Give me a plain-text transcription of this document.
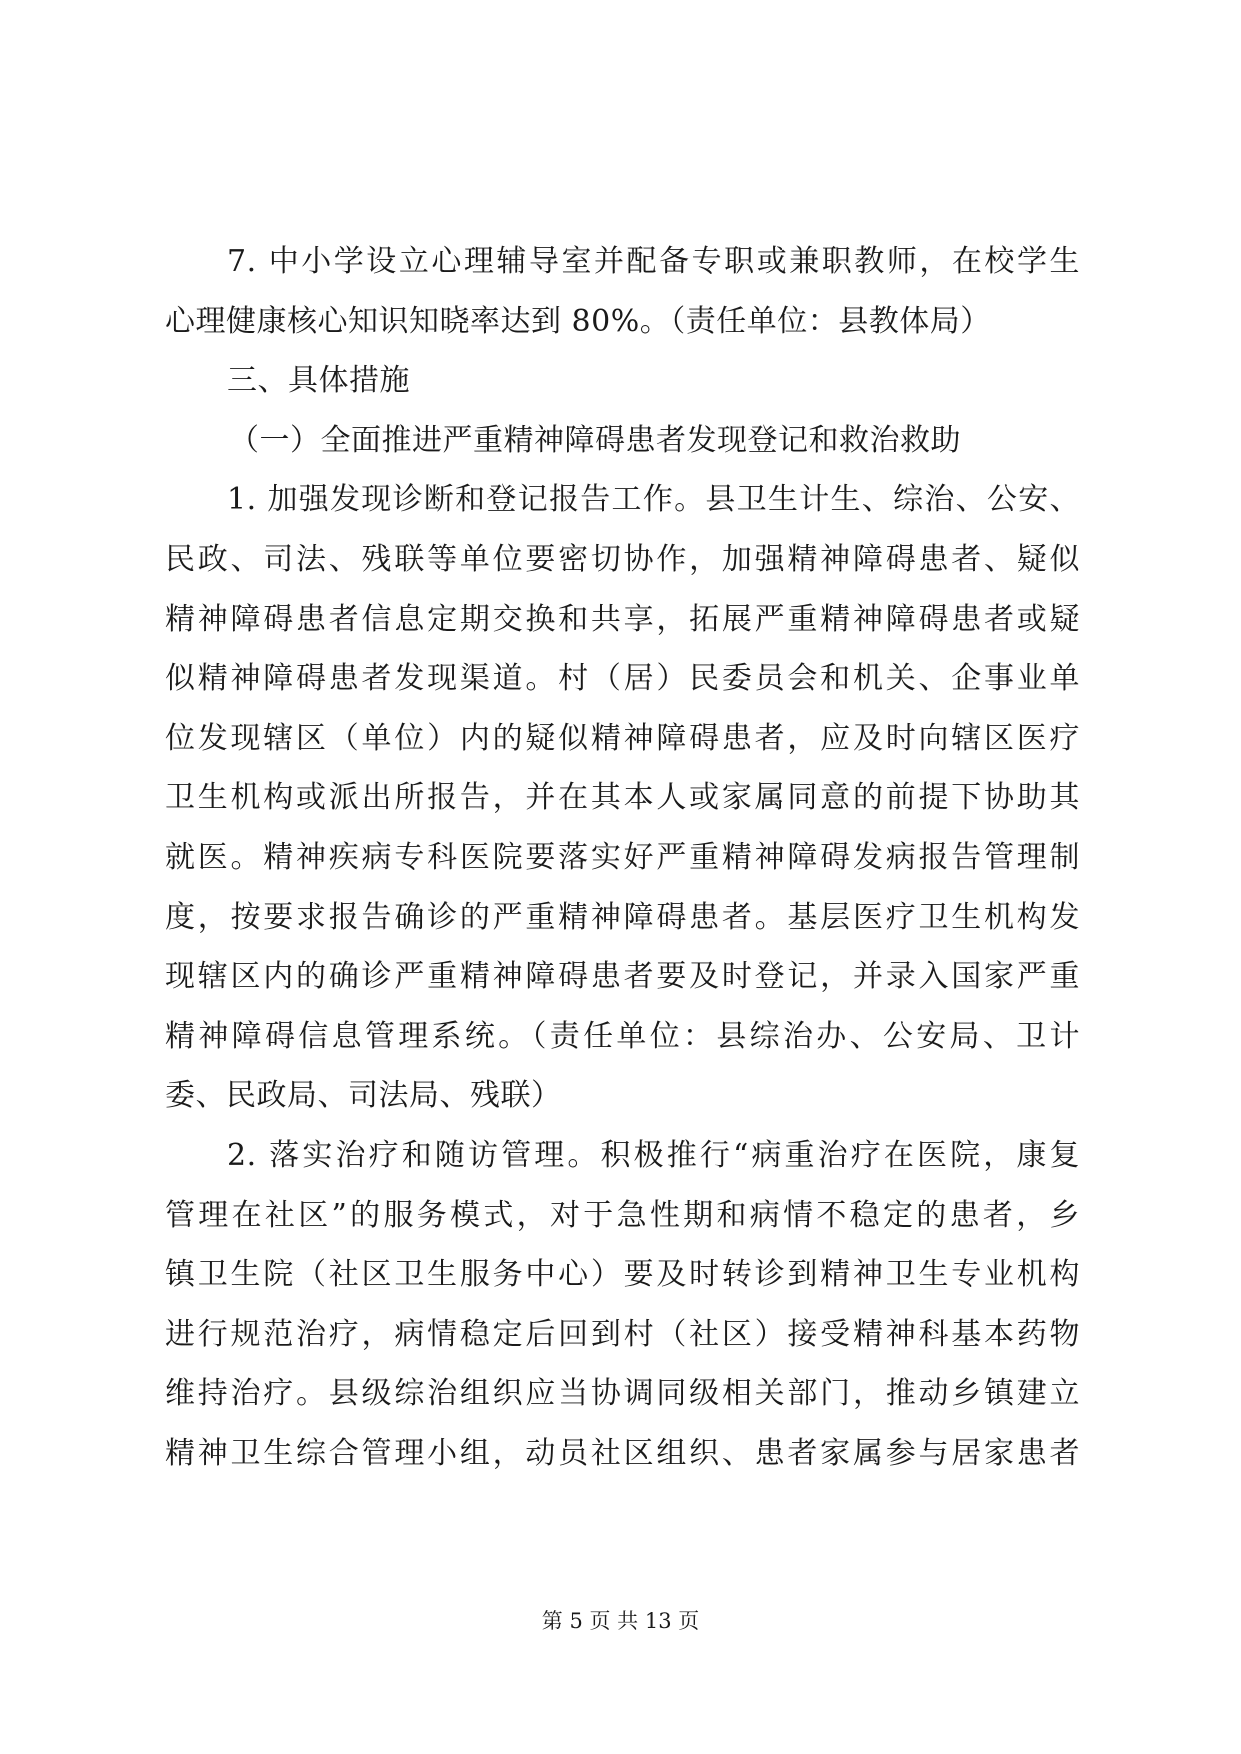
7. 中小学设立心理辅导室并配备专职或兼职教师，在校学生
心理健康核心知识知晓率达到 80%。（责任单位：县教体局）
三、具体措施
（一）全面推进严重精神障碍患者发现登记和救治救助
1. 加强发现诊断和登记报告工作。县卫生计生、综治、公安、
民政、司法、残联等单位要密切协作，加强精神障碍患者、疑似
精神障碍患者信息定期交换和共享，拓展严重精神障碍患者或疑
似精神障碍患者发现渠道。村（居）民委员会和机关、企事业单
位发现辖区（单位）内的疑似精神障碍患者，应及时向辖区医疗
卫生机构或派出所报告，并在其本人或家属同意的前提下协助其
就医。精神疾病专科医院要落实好严重精神障碍发病报告管理制
度，按要求报告确诊的严重精神障碍患者。基层医疗卫生机构发
现辖区内的确诊严重精神障碍患者要及时登记，并录入国家严重
精神障碍信息管理系统。（责任单位：县综治办、公安局、卫计
委、民政局、司法局、残联）
2. 落实治疗和随访管理。积极推行“病重治疗在医院，康复
管理在社区”的服务模式，对于急性期和病情不稳定的患者，乡
镇卫生院（社区卫生服务中心）要及时转诊到精神卫生专业机构
进行规范治疗，病情稳定后回到村（社区）接受精神科基本药物
维持治疗。县级综治组织应当协调同级相关部门，推动乡镇建立
精神卫生综合管理小组，动员社区组织、患者家属参与居家患者
第 5 页 共 13 页
